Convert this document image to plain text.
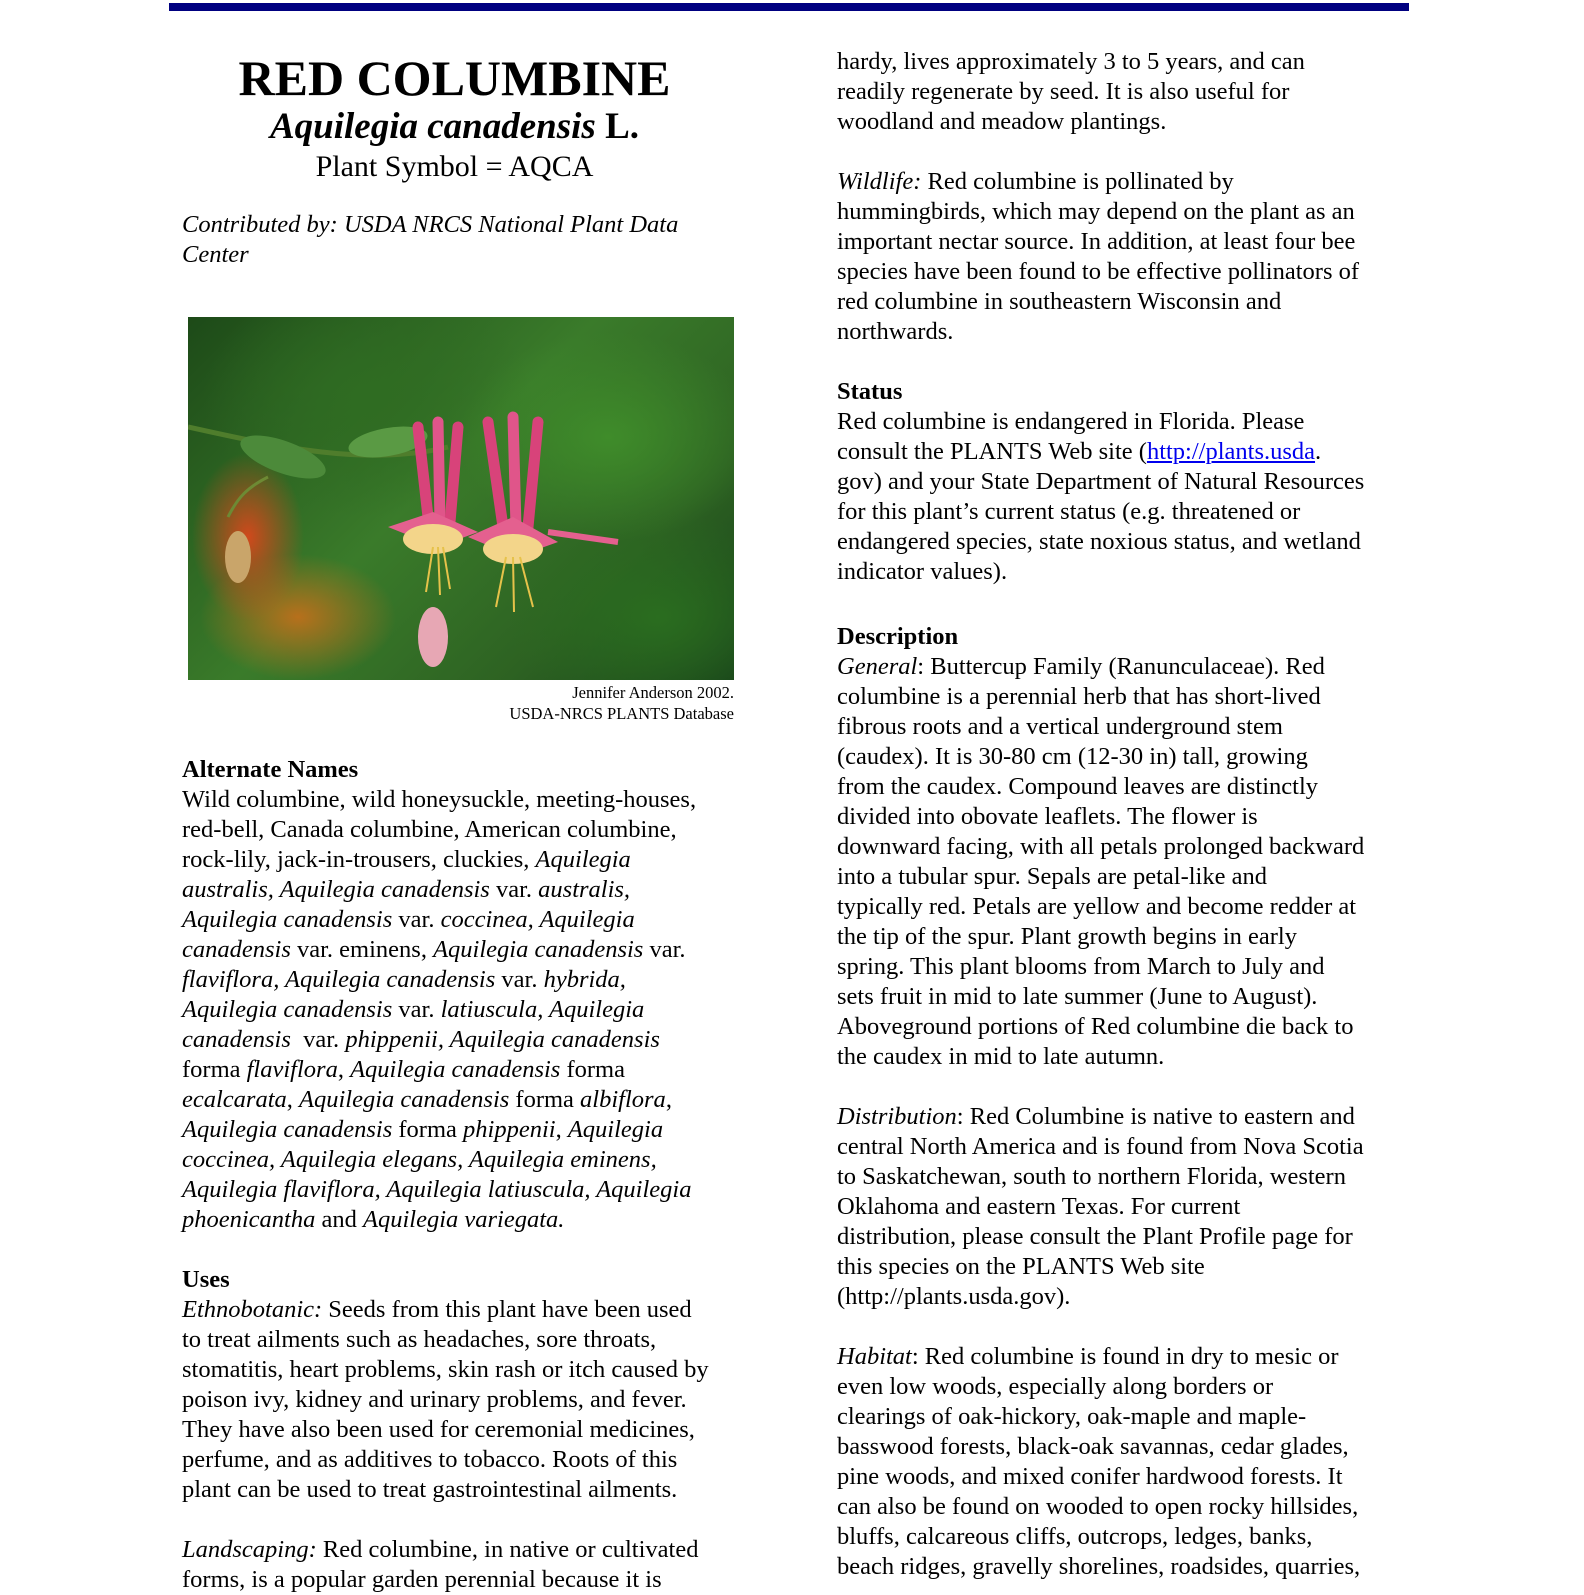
RED COLUMBINE
Aquilegia canadensis L.
Plant Symbol = AQCA
Contributed by: USDA NRCS National Plant Data
Center
Jennifer Anderson 2002.
USDA-NRCS PLANTS Database
Alternate Names
Wild columbine, wild honeysuckle, meeting-houses,
red-bell, Canada columbine, American columbine,
rock-lily, jack-in-trousers, cluckies, Aquilegia
australis, Aquilegia canadensis var. australis,
Aquilegia canadensis var. coccinea, Aquilegia
canadensis var. eminens, Aquilegia canadensis var.
flaviflora, Aquilegia canadensis var. hybrida,
Aquilegia canadensis var. latiuscula, Aquilegia
canadensis  var. phippenii, Aquilegia canadensis
forma flaviflora, Aquilegia canadensis forma
ecalcarata, Aquilegia canadensis forma albiflora,
Aquilegia canadensis forma phippenii, Aquilegia
coccinea, Aquilegia elegans, Aquilegia eminens,
Aquilegia flaviflora, Aquilegia latiuscula, Aquilegia
phoenicantha and Aquilegia variegata.
Uses
Ethnobotanic: Seeds from this plant have been used
to treat ailments such as headaches, sore throats,
stomatitis, heart problems, skin rash or itch caused by
poison ivy, kidney and urinary problems, and fever.
They have also been used for ceremonial medicines,
perfume, and as additives to tobacco. Roots of this
plant can be used to treat gastrointestinal ailments.
Landscaping: Red columbine, in native or cultivated
forms, is a popular garden perennial because it is
hardy, lives approximately 3 to 5 years, and can
readily regenerate by seed. It is also useful for
woodland and meadow plantings.
Wildlife: Red columbine is pollinated by
hummingbirds, which may depend on the plant as an
important nectar source. In addition, at least four bee
species have been found to be effective pollinators of
red columbine in southeastern Wisconsin and
northwards.
Status
Red columbine is endangered in Florida. Please
consult the PLANTS Web site (http://plants.usda.
gov) and your State Department of Natural Resources
for this plant’s current status (e.g. threatened or
endangered species, state noxious status, and wetland
indicator values).
Description
General: Buttercup Family (Ranunculaceae). Red
columbine is a perennial herb that has short-lived
fibrous roots and a vertical underground stem
(caudex). It is 30-80 cm (12-30 in) tall, growing
from the caudex. Compound leaves are distinctly
divided into obovate leaflets. The flower is
downward facing, with all petals prolonged backward
into a tubular spur. Sepals are petal-like and
typically red. Petals are yellow and become redder at
the tip of the spur. Plant growth begins in early
spring. This plant blooms from March to July and
sets fruit in mid to late summer (June to August).
Aboveground portions of Red columbine die back to
the caudex in mid to late autumn.
Distribution: Red Columbine is native to eastern and
central North America and is found from Nova Scotia
to Saskatchewan, south to northern Florida, western
Oklahoma and eastern Texas. For current
distribution, please consult the Plant Profile page for
this species on the PLANTS Web site
(http://plants.usda.gov).
Habitat: Red columbine is found in dry to mesic or
even low woods, especially along borders or
clearings of oak-hickory, oak-maple and maple-
basswood forests, black-oak savannas, cedar glades,
pine woods, and mixed conifer hardwood forests. It
can also be found on wooded to open rocky hillsides,
bluffs, calcareous cliffs, outcrops, ledges, banks,
beach ridges, gravelly shorelines, roadsides, quarries,
